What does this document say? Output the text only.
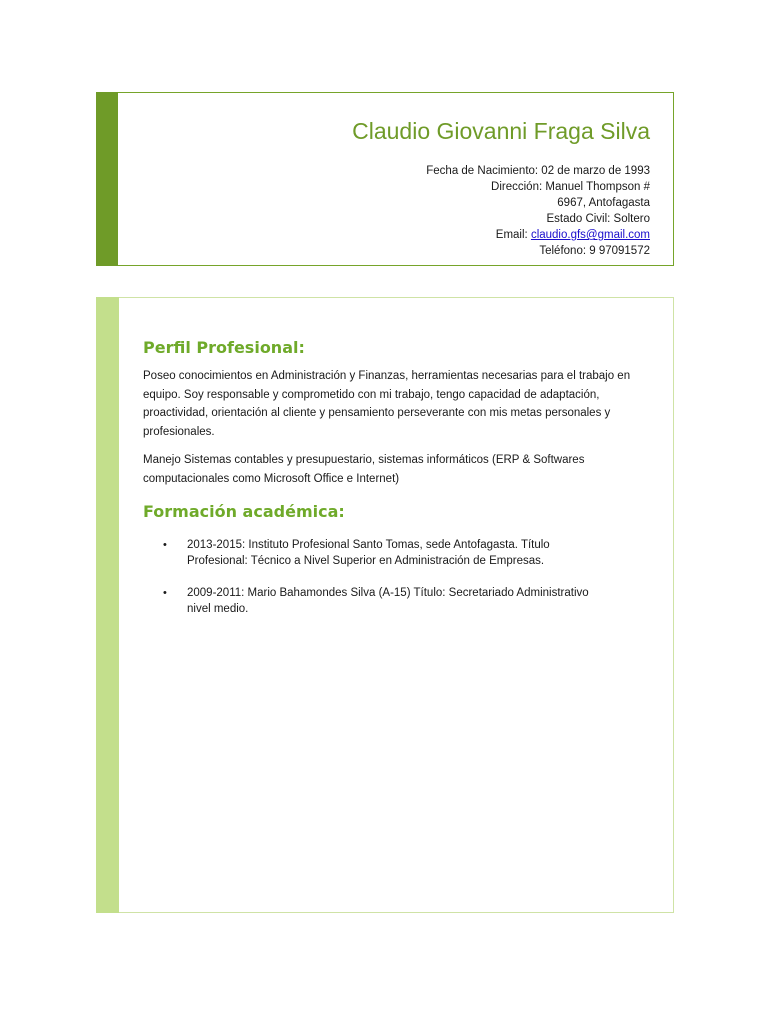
Claudio Giovanni Fraga Silva
Fecha de Nacimiento: 02 de marzo de 1993
Dirección: Manuel Thompson #
6967, Antofagasta
Estado Civil: Soltero
Email: claudio.gfs@gmail.com
Teléfono: 9 97091572
Perfil Profesional:

Poseo conocimientos en Administración y Finanzas, herramientas necesarias para el trabajo en equipo. Soy responsable y comprometido con mi trabajo, tengo capacidad de adaptación, proactividad, orientación al cliente y pensamiento perseverante con mis metas personales y profesionales.

Manejo Sistemas contables y presupuestario, sistemas informáticos (ERP & Softwares computacionales como Microsoft Office e Internet)

Formación académica:
• 2013-2015: Instituto Profesional Santo Tomas, sede Antofagasta. Título Profesional: Técnico a Nivel Superior en Administración de Empresas.
• 2009-2011: Mario Bahamondes Silva (A-15) Título: Secretariado Administrativo nivel medio.
